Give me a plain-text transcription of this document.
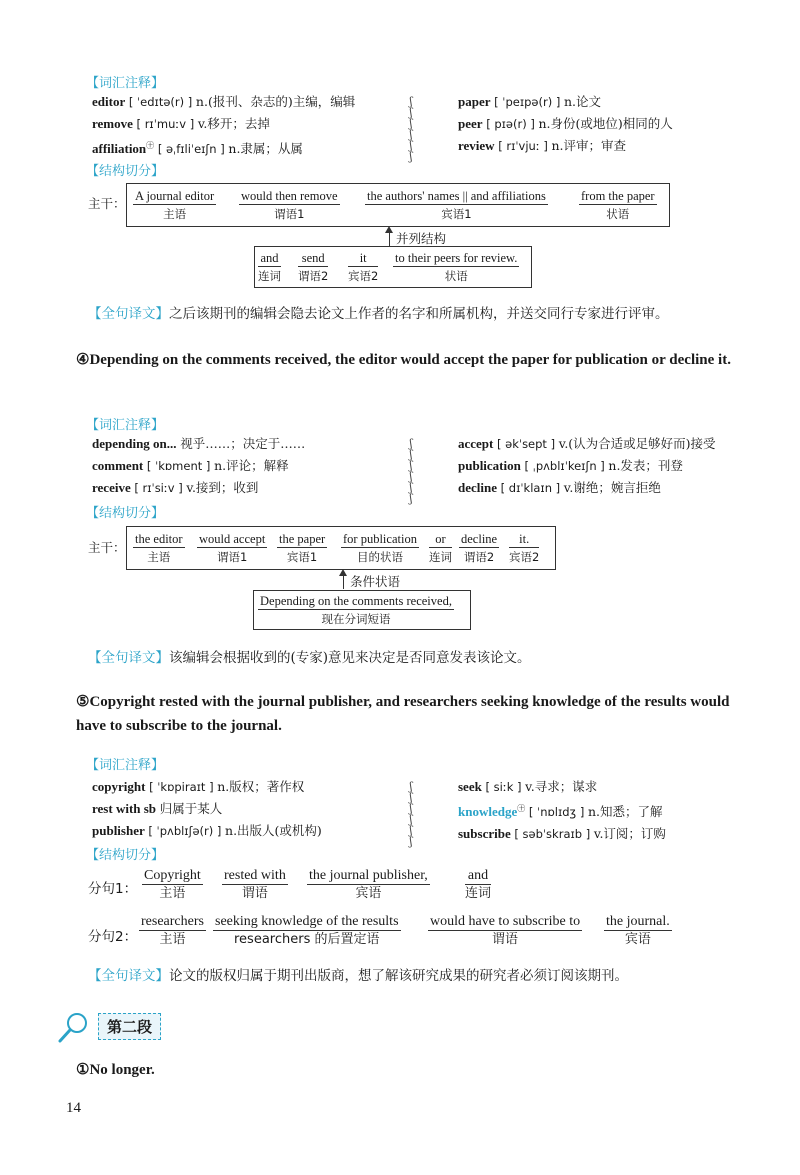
【词汇注释】
editor [ ˈedɪtə(r) ] n.(报刊、杂志的)主编，编辑
remove [ rɪˈmuːv ] v.移开；去掉
affiliation$^㊉$ [ əˌfɪliˈeɪʃn ] n.隶属；从属
ʃ
ʃ
ʃ
ʃ
ʃ
ʃ
paper [ ˈpeɪpə(r) ] n.论文
peer [ pɪə(r) ] n.身份(或地位)相同的人
review [ rɪˈvjuː ] n.评审；审查
【结构切分】
主干： A journal editor
主语
would then remove
谓语1
the authors' names || and affiliations
宾语1
from the paper
状语
并列结构
and
连词
send
谓语2
it
宾语2
to their peers for review.
状语
【全句译文】之后该期刊的编辑会隐去论文上作者的名字和所属机构，并送交同行专家进行评审。
④Depending on the comments received, the editor would accept the paper for publication or decline it.
【词汇注释】
depending on... 视乎……；决定于……
comment [ ˈkɒment ] n.评论；解释
receive [ rɪˈsiːv ] v.接到；收到
ʃ
ʃ
ʃ
ʃ
ʃ
ʃ
accept [ əkˈsept ] v.(认为合适或足够好而)接受
publication [ ˌpʌblɪˈkeɪʃn ] n.发表；刊登
decline [ dɪˈklaɪn ] v.谢绝；婉言拒绝
【结构切分】
主干：
the editor
主语
would accept
谓语1
the paper
宾语1
for publication
目的状语
or
连词
decline
谓语2
it.
宾语2
条件状语
Depending on the comments received,
现在分词短语
【全句译文】该编辑会根据收到的(专家)意见来决定是否同意发表该论文。
⑤Copyright rested with the journal publisher, and researchers seeking knowledge of the results would have to subscribe to the journal.
【词汇注释】
copyright [ ˈkɒpiraɪt ] n.版权；著作权
rest with sb 归属于某人
publisher [ ˈpʌblɪʃə(r) ] n.出版人(或机构)
ʃ
ʃ
ʃ
ʃ
ʃ
ʃ
seek [ siːk ] v.寻求；谋求
knowledge$^㊉$ [ ˈnɒlɪdʒ ] n.知悉；了解
subscribe [ səbˈskraɪb ] v.订阅；订购
【结构切分】
分句1：
Copyright
主语
rested with
谓语
the journal publisher,
宾语
and
连词
分句2：
researchers
主语
seeking knowledge of the results
researchers 的后置定语
would have to subscribe to
谓语
the journal.
宾语
【全句译文】论文的版权归属于期刊出版商，想了解该研究成果的研究者必须订阅该期刊。
第二段
①No longer.
14
